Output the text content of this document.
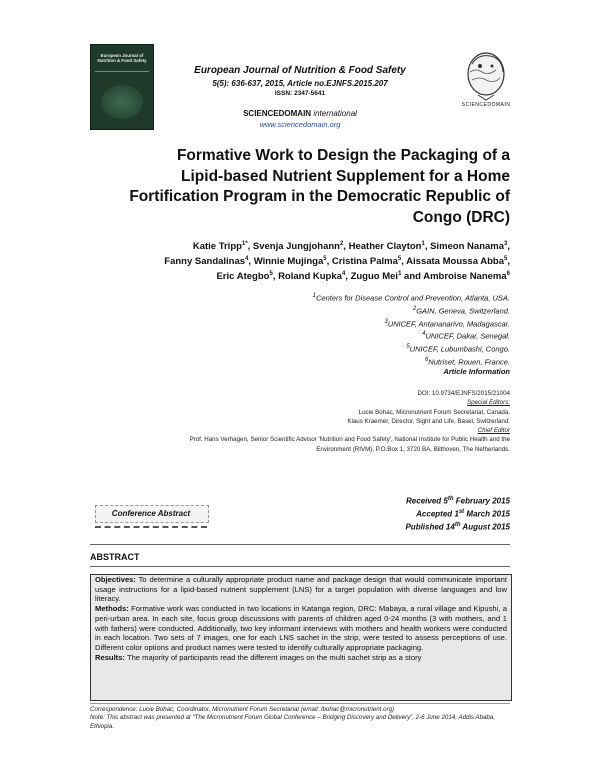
European Journal of Nutrition & Food Safety
European Journal of Nutrition & Food Safety
5(5): 636-637, 2015, Article no.EJNFS.2015.207
ISSN: 2347-5641
SCIENCEDOMAIN international
www.sciencedomain.org
SCIENCEDOMAIN
Formative Work to Design the Packaging of a
Lipid-based Nutrient Supplement for a Home
Fortification Program in the Democratic Republic of
Congo (DRC)
Katie Tripp$^{1*}$, Svenja Jungjohann$^2$, Heather Clayton$^1$, Simeon Nanama$^3$,
Fanny Sandalinas$^4$, Winnie Mujinga$^5$, Cristina Palma$^5$, Aissata Moussa Abba$^5$,
Eric Ategbo$^5$, Roland Kupka$^4$, Zuguo Mei$^1$ and Ambroise Nanema$^6$
$^1$Centers for Disease Control and Prevention, Atlanta, USA.
$^2$GAIN, Geneva, Switzerland.
$^3$UNICEF, Antananarivo, Madagascar.
$^4$UNICEF, Dakar, Senegal.
$^5$UNICEF, Lubumbashi, Congo.
$^6$Nutriset, Rouen, France.
Article Information
DOI: 10.9734/EJNFS/2015/21004
Special Editors:
Lucie Bohac, Micronutrient Forum Secretariat, Canada.
Klaus Kraemer, Director, Sight and Life, Basel, Switzerland.
Chief Editor
Prof. Hans Verhagen, Senior Scientific Advisor 'Nutrition and Food Safety', National Institute for Public Health and the
Environment (RIVM), P.O.Box 1, 3720 BA, Bilthoven, The Netherlands.
Conference Abstract
Received 5th February 2015
Accepted 1st March 2015
Published 14th August 2015
ABSTRACT

Objectives: To determine a culturally appropriate product name and package design that would communicate important usage instructions for a lipid-based nutrient supplement (LNS) for a target population with diverse languages and low literacy.

Methods: Formative work was conducted in two locations in Katanga region, DRC: Mabaya, a rural village and Kipushi, a peri-urban area. In each site, focus group discussions with parents of children aged 0-24 months (3 with mothers, and 1 with fathers) were conducted. Additionally, two key informant interviews with mothers and health workers were conducted in each location. Two sets of 7 images, one for each LNS sachet in the strip, were tested to assess perceptions of use. Different color options and product names were tested to identify culturally appropriate packaging.

Results: The majority of participants read the different images on the multi sachet strip as a story

Correspondence: Lucie Bohac, Coordinator, Micronutrient Forum Secretariat (email: lbohac@micronutrient.org)
Note: This abstract was presented at “The Micronutrient Forum Global Conference – Bridging Discovery and Delivery”, 2-6 June 2014, Addis Ababa, Ethiopia.
